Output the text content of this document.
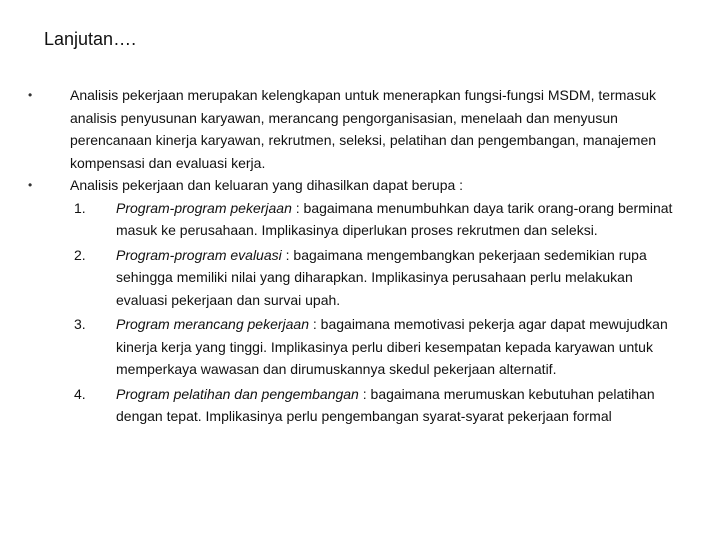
Lanjutan….
•	Analisis pekerjaan merupakan kelengkapan untuk menerapkan fungsi-fungsi MSDM, termasuk analisis penyusunan karyawan, merancang pengorganisasian, menelaah dan menyusun perencanaan kinerja karyawan, rekrutmen, seleksi, pelatihan dan pengembangan, manajemen kompensasi dan evaluasi kerja.
•	Analisis pekerjaan dan keluaran yang dihasilkan dapat berupa :
1. Program-program pekerjaan : bagaimana menumbuhkan daya tarik orang-orang berminat masuk ke perusahaan. Implikasinya diperlukan proses rekrutmen dan seleksi.
2. Program-program evaluasi : bagaimana mengembangkan pekerjaan sedemikian rupa sehingga memiliki nilai yang diharapkan. Implikasinya perusahaan perlu melakukan evaluasi pekerjaan dan survai upah.
3. Program merancang pekerjaan : bagaimana memotivasi pekerja agar dapat mewujudkan kinerja kerja yang tinggi. Implikasinya perlu diberi kesempatan kepada karyawan untuk memperkaya wawasan dan dirumuskannya skedul pekerjaan alternatif.
4. Program pelatihan dan pengembangan : bagaimana merumuskan kebutuhan pelatihan dengan tepat. Implikasinya perlu pengembangan syarat-syarat pekerjaan formal
